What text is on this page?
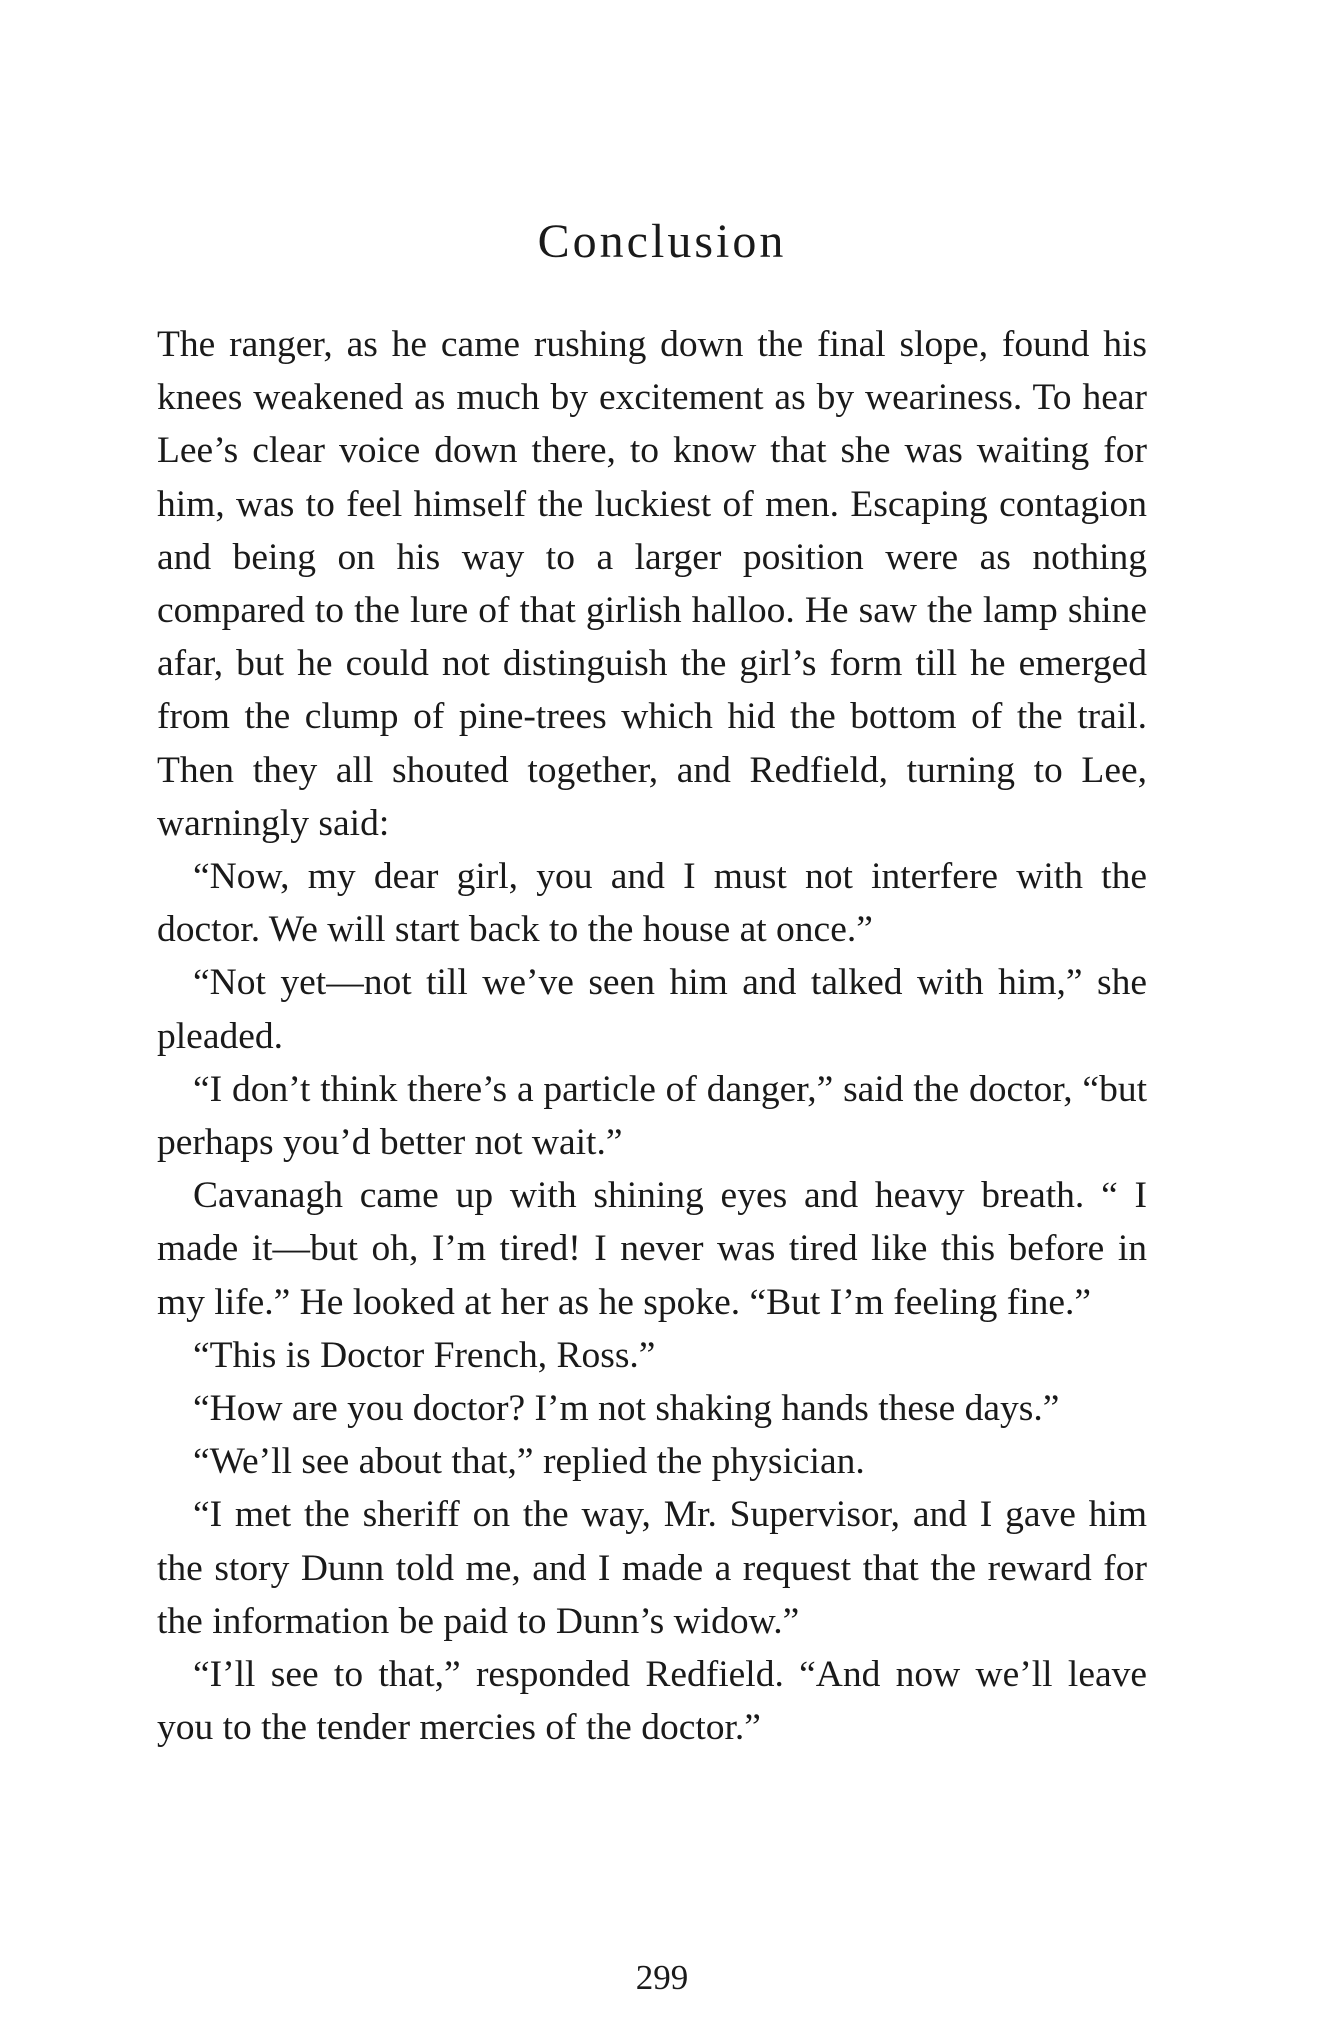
Conclusion

The ranger, as he came rushing down the final slope, found his knees weakened as much by excitement as by weariness. To hear Lee’s clear voice down there, to know that she was waiting for him, was to feel himself the luckiest of men. Escaping contagion and being on his way to a larger position were as nothing compared to the lure of that girlish halloo. He saw the lamp shine afar, but he could not distinguish the girl’s form till he emerged from the clump of pine-trees which hid the bottom of the trail. Then they all shouted together, and Redfield, turning to Lee, warningly said:

“Now, my dear girl, you and I must not interfere with the doctor. We will start back to the house at once.”

“Not yet—not till we’ve seen him and talked with him,” she pleaded.

“I don’t think there’s a particle of danger,” said the doctor, “but perhaps you’d better not wait.”

Cavanagh came up with shining eyes and heavy breath. “ I made it—but oh, I’m tired! I never was tired like this before in my life.” He looked at her as he spoke. “But I’m feeling fine.”

“This is Doctor French, Ross.”

“How are you doctor? I’m not shaking hands these days.”

“We’ll see about that,” replied the physician.

“I met the sheriff on the way, Mr. Supervisor, and I gave him the story Dunn told me, and I made a request that the reward for the information be paid to Dunn’s widow.”

“I’ll see to that,” responded Redfield. “And now we’ll leave you to the tender mercies of the doctor.”

299
